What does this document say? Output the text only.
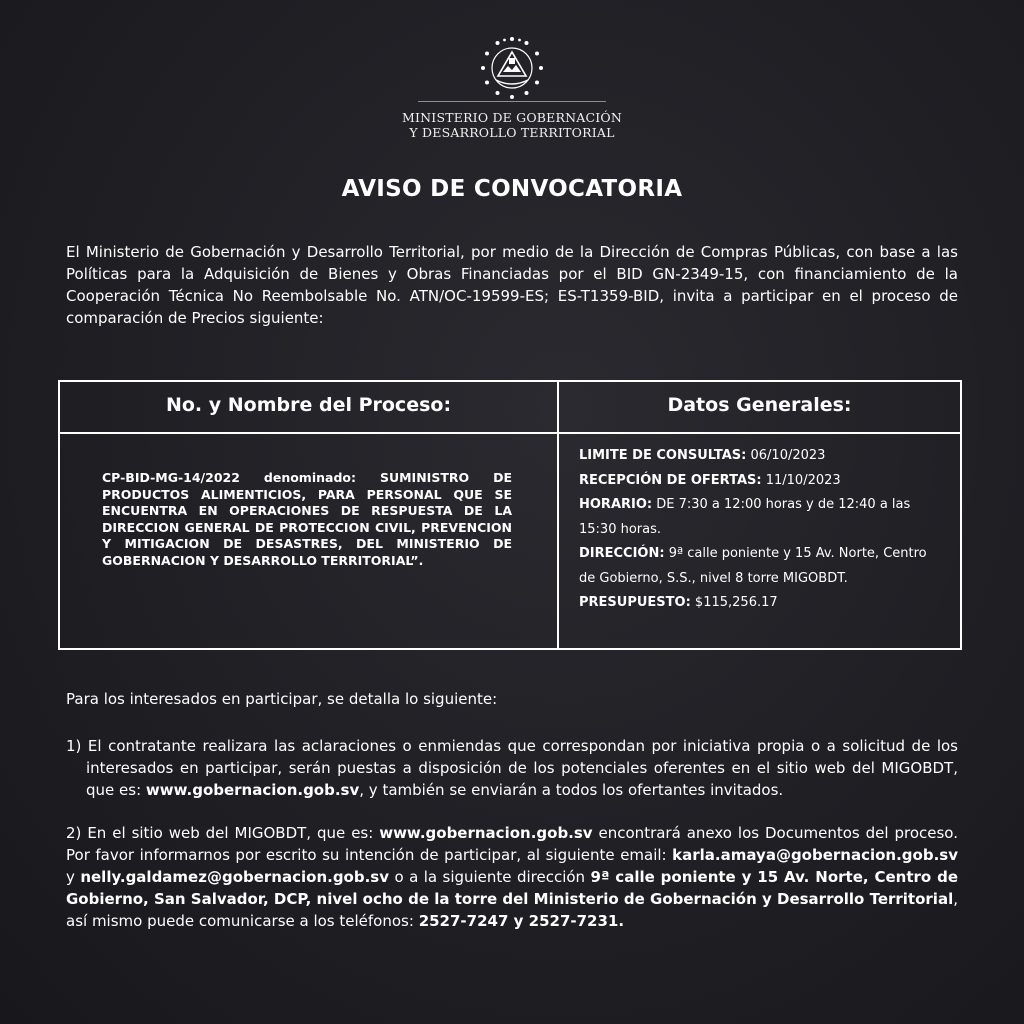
MINISTERIO DE GOBERNACIÓN
Y DESARROLLO TERRITORIAL
AVISO DE CONVOCATORIA
El Ministerio de Gobernación y Desarrollo Territorial, por medio de la Dirección de Compras Públicas, con base a las Políticas para la Adquisición de Bienes y Obras Financiadas por el BID GN-2349-15, con financiamiento de la Cooperación Técnica No Reembolsable No. ATN/OC-19599-ES; ES-T1359-BID, invita a participar en el proceso de comparación de Precios siguiente:
No. y Nombre del Proceso:	Datos Generales:
CP-BID-MG-14/2022 denominado: SUMINISTRO DE PRODUCTOS ALIMENTICIOS, PARA PERSONAL QUE SE ENCUENTRA EN OPERACIONES DE RESPUESTA DE LA DIRECCION GENERAL DE PROTECCION CIVIL, PREVENCION Y MITIGACION DE DESASTRES, DEL MINISTERIO DE GOBERNACION Y DESARROLLO TERRITORIAL”.
LIMITE DE CONSULTAS: 06/10/2023
RECEPCIÓN DE OFERTAS: 11/10/2023
HORARIO: DE 7:30 a 12:00 horas y de 12:40 a las 15:30 horas.
DIRECCIÓN: 9ª calle poniente y 15 Av. Norte, Centro de Gobierno, S.S., nivel 8 torre MIGOBDT.
PRESUPUESTO: $115,256.17
Para los interesados en participar, se detalla lo siguiente:
1) El contratante realizara las aclaraciones o enmiendas que correspondan por iniciativa propia o a solicitud de los interesados en participar, serán puestas a disposición de los potenciales oferentes en el sitio web del MIGOBDT, que es: www.gobernacion.gob.sv, y también se enviarán a todos los ofertantes invitados.
2) En el sitio web del MIGOBDT, que es: www.gobernacion.gob.sv encontrará anexo los Documentos del proceso. Por favor informarnos por escrito su intención de participar, al siguiente email: karla.amaya@gobernacion.gob.sv y nelly.galdamez@gobernacion.gob.sv o a la siguiente dirección 9ª calle poniente y 15 Av. Norte, Centro de Gobierno, San Salvador, DCP, nivel ocho de la torre del Ministerio de Gobernación y Desarrollo Territorial, así mismo puede comunicarse a los teléfonos: 2527-7247 y 2527-7231.
